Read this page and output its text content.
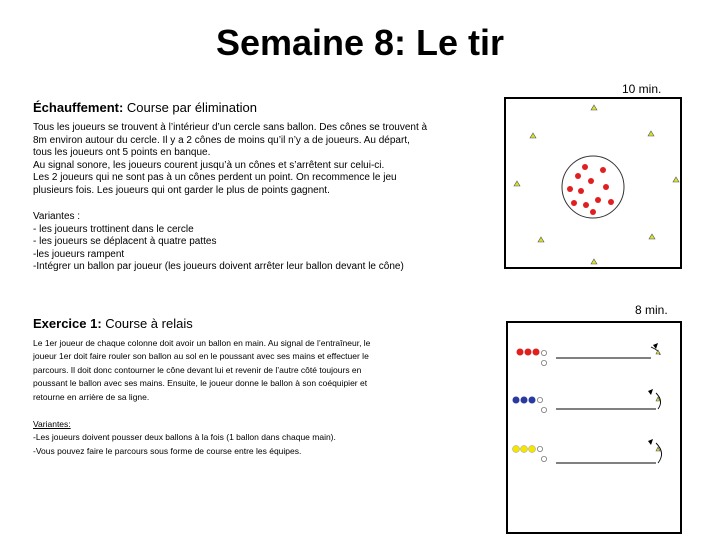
Semaine 8: Le tir
10 min.
Échauffement: Course par élimination
Tous les joueurs se trouvent à l’intérieur d’un cercle sans ballon. Des cônes se trouvent à
8m environ autour du cercle. Il y a 2 cônes de moins qu’il n’y a de joueurs. Au départ,
tous les joueurs ont 5 points en banque.
Au signal sonore, les joueurs courent jusqu’à un cônes et s’arrêtent sur celui-ci.
Les 2 joueurs qui ne sont pas à un cônes perdent un point. On recommence le jeu
plusieurs fois. Les joueurs qui ont garder le plus de points gagnent.
Variantes :
- les joueurs trottinent dans le cercle
- les joueurs se déplacent à quatre pattes
-les joueurs rampent
-Intégrer un ballon par joueur (les joueurs doivent arrêter leur ballon devant le cône)
8 min.
Exercice 1: Course à relais
Le 1er joueur de chaque colonne doit avoir un ballon en main. Au signal de l’entraîneur, le
joueur 1er doit faire rouler son ballon au sol en le poussant avec ses mains et effectuer le
parcours. Il doit donc contourner le cône devant lui et revenir de l’autre côté toujours en
poussant le ballon avec ses mains. Ensuite, le joueur donne le ballon à son coéquipier et
retourne en arrière de sa ligne.
Variantes:
-Les joueurs doivent pousser deux ballons à la fois (1 ballon dans chaque main).
-Vous pouvez faire le parcours sous forme de course entre les équipes.
